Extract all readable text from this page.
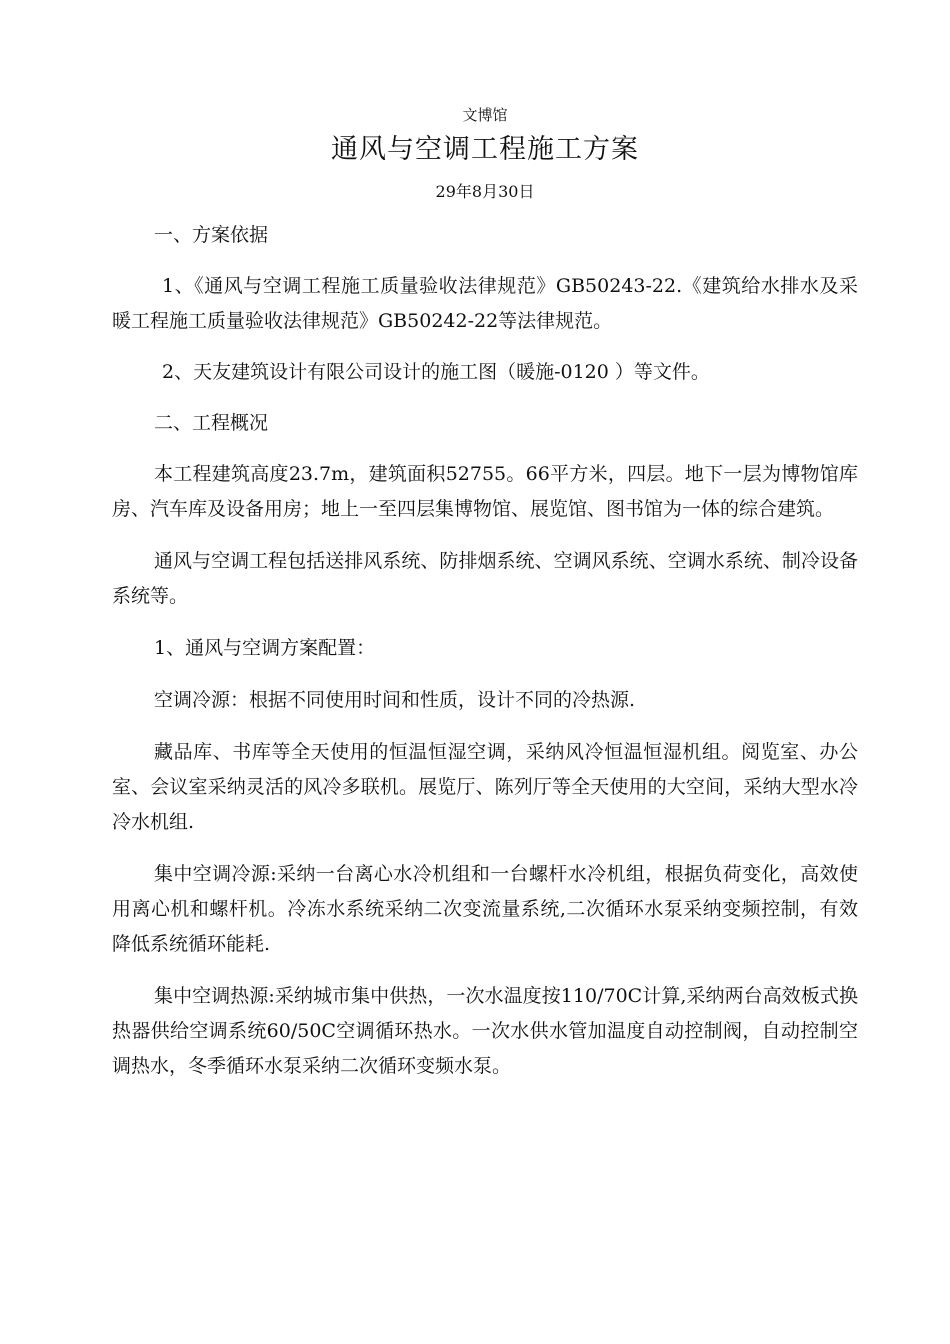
文博馆

通风与空调工程施工方案

29年8月30日

一、方案依据

1、《通风与空调工程施工质量验收法律规范》GB50243-22.《建筑给水排水及采暖工程施工质量验收法律规范》GB50242-22等法律规范。

2、天友建筑设计有限公司设计的施工图（暖施-0120 ）等文件。

二、工程概况

本工程建筑高度23.7m，建筑面积52755。66平方米，四层。地下一层为博物馆库房、汽车库及设备用房；地上一至四层集博物馆、展览馆、图书馆为一体的综合建筑。

通风与空调工程包括送排风系统、防排烟系统、空调风系统、空调水系统、制冷设备系统等。

1、通风与空调方案配置：

空调冷源：根据不同使用时间和性质，设计不同的冷热源.

藏品库、书库等全天使用的恒温恒湿空调，采纳风冷恒温恒湿机组。阅览室、办公室、会议室采纳灵活的风冷多联机。展览厅、陈列厅等全天使用的大空间，采纳大型水冷冷水机组.

集中空调冷源:采纳一台离心水冷机组和一台螺杆水冷机组，根据负荷变化，高效使用离心机和螺杆机。冷冻水系统采纳二次变流量系统,二次循环水泵采纳变频控制，有效降低系统循环能耗.

集中空调热源:采纳城市集中供热，一次水温度按110/70C计算,采纳两台高效板式换热器供给空调系统60/50C空调循环热水。一次水供水管加温度自动控制阀，自动控制空调热水，冬季循环水泵采纳二次循环变频水泵。
